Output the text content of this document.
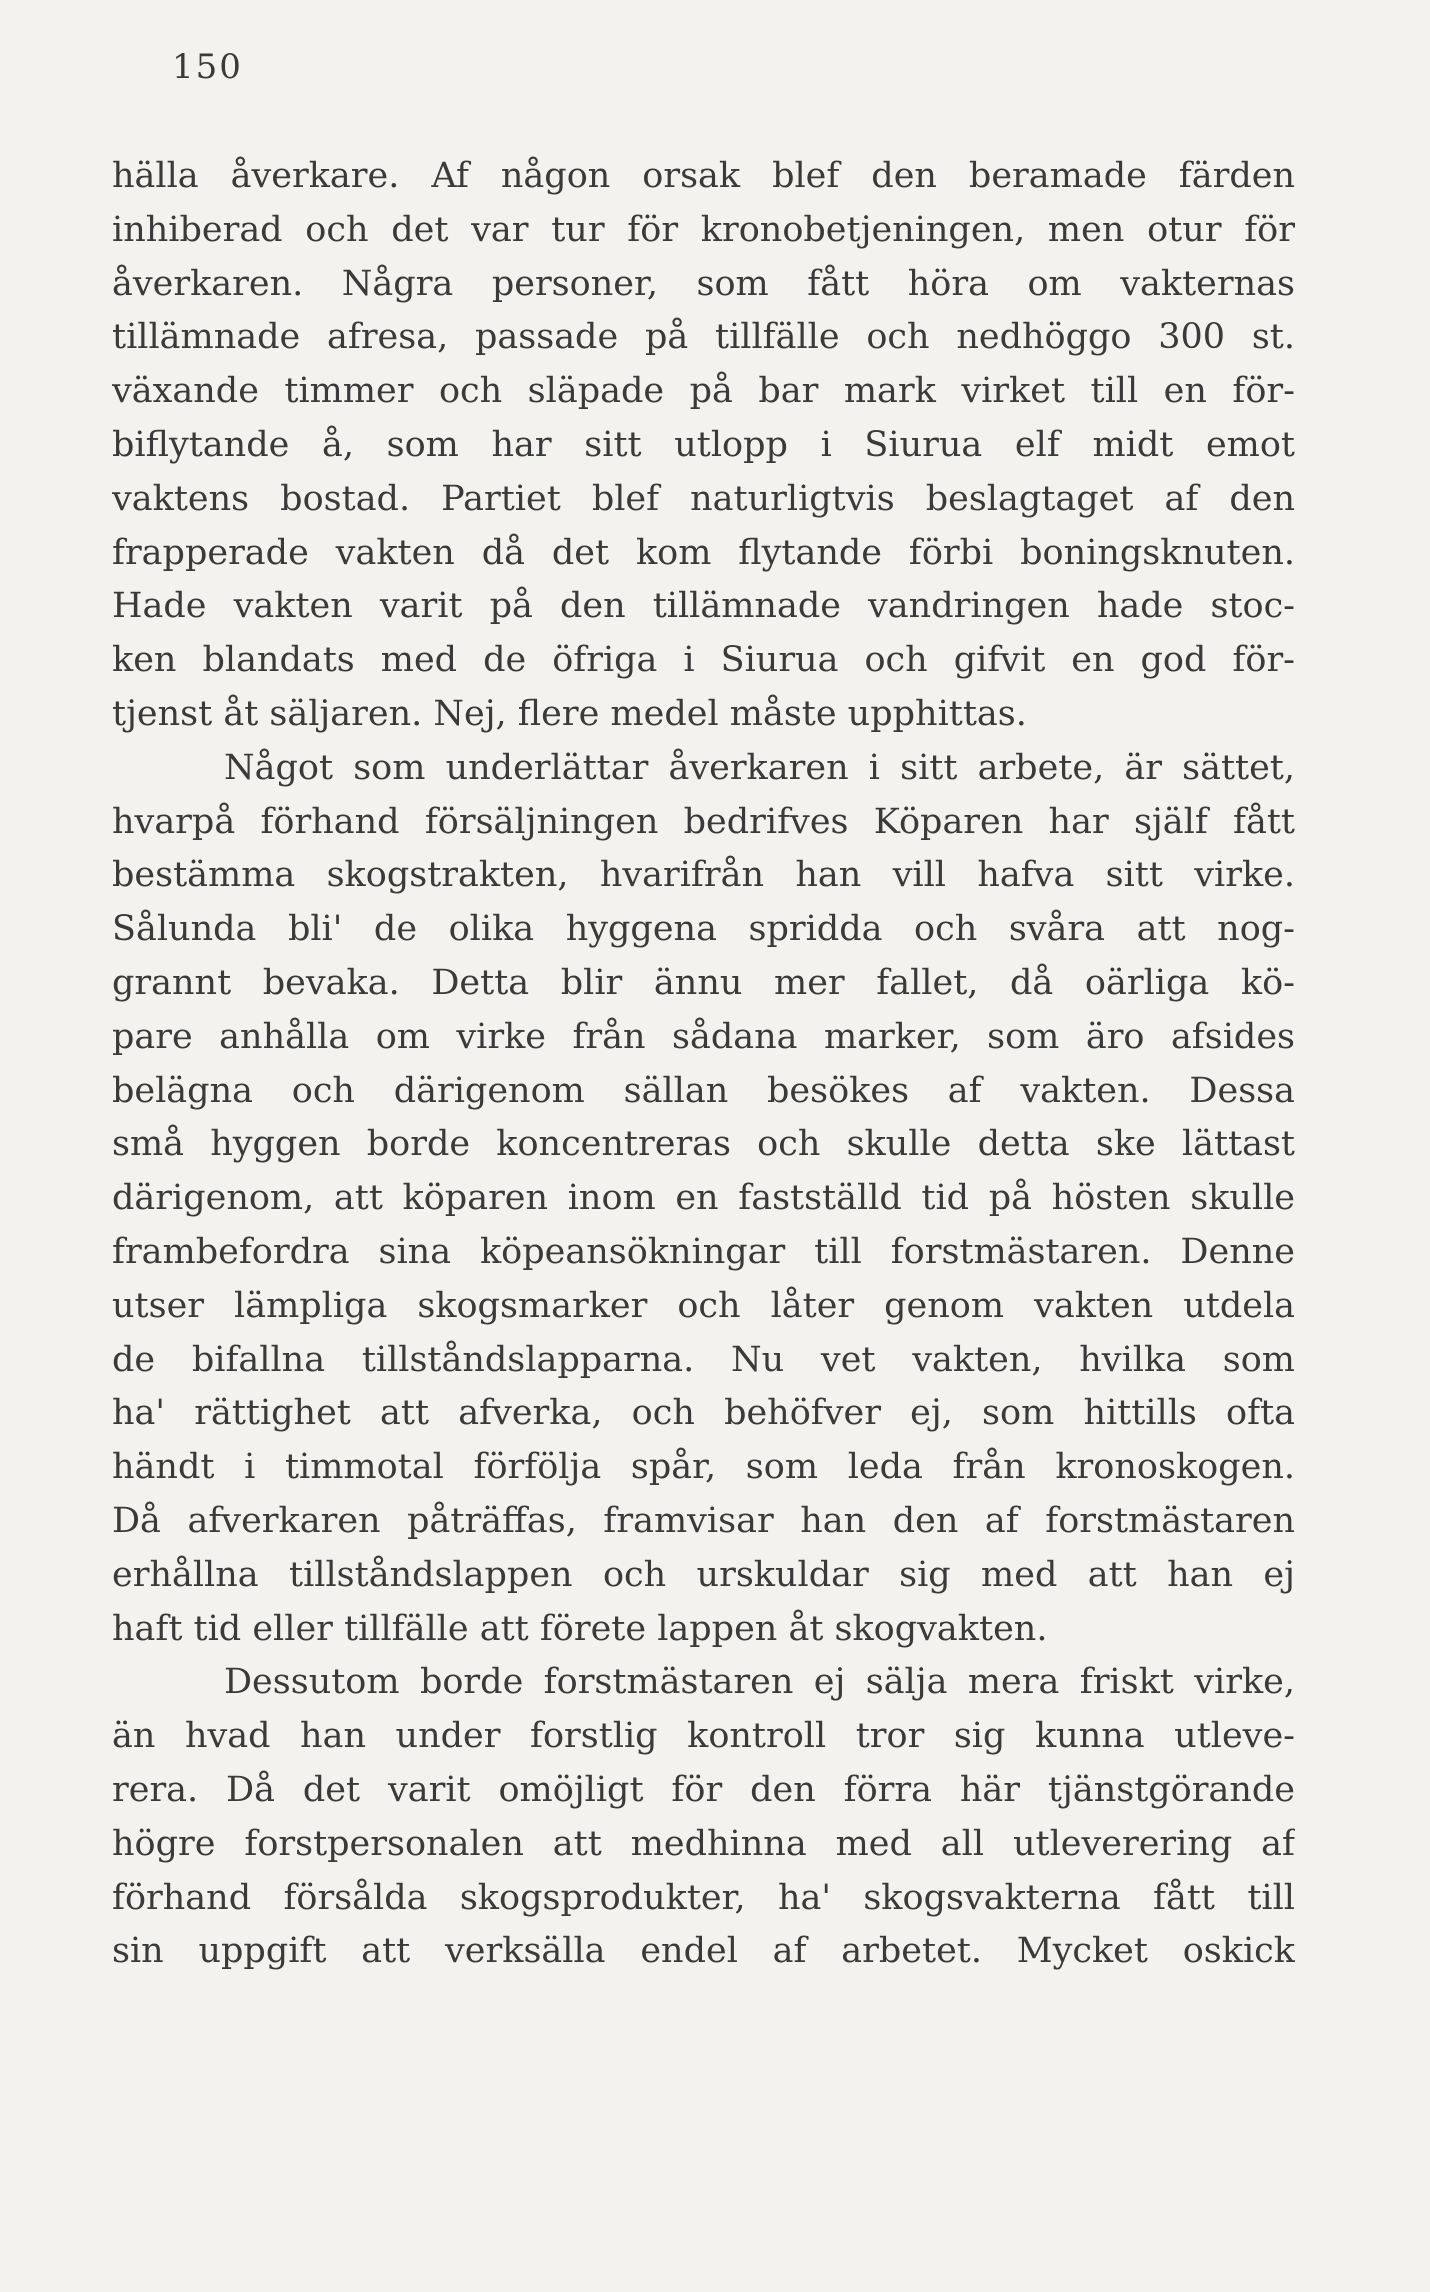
150
hälla åverkare. Af någon orsak blef den beramade färden
inhiberad och det var tur för kronobetjeningen, men otur för
åverkaren. Några personer, som fått höra om vakternas
tillämnade afresa, passade på tillfälle och nedhöggo 300 st.
växande timmer och släpade på bar mark virket till en för-
biflytande å, som har sitt utlopp i Siurua elf midt emot
vaktens bostad. Partiet blef naturligtvis beslagtaget af den
frapperade vakten då det kom flytande förbi boningsknuten.
Hade vakten varit på den tillämnade vandringen hade stoc-
ken blandats med de öfriga i Siurua och gifvit en god för-
tjenst åt säljaren. Nej, flere medel måste upphittas.
Något som underlättar åverkaren i sitt arbete, är sättet,
hvarpå förhand försäljningen bedrifves Köparen har själf fått
bestämma skogstrakten, hvarifrån han vill hafva sitt virke.
Sålunda bli' de olika hyggena spridda och svåra att nog-
grannt bevaka. Detta blir ännu mer fallet, då oärliga kö-
pare anhålla om virke från sådana marker, som äro afsides
belägna och därigenom sällan besökes af vakten. Dessa
små hyggen borde koncentreras och skulle detta ske lättast
därigenom, att köparen inom en fastställd tid på hösten skulle
frambefordra sina köpeansökningar till forstmästaren. Denne
utser lämpliga skogsmarker och låter genom vakten utdela
de bifallna tillståndslapparna. Nu vet vakten, hvilka som
ha' rättighet att afverka, och behöfver ej, som hittills ofta
händt i timmotal förfölja spår, som leda från kronoskogen.
Då afverkaren påträffas, framvisar han den af forstmästaren
erhållna tillståndslappen och urskuldar sig med att han ej
haft tid eller tillfälle att förete lappen åt skogvakten.
Dessutom borde forstmästaren ej sälja mera friskt virke,
än hvad han under forstlig kontroll tror sig kunna utleve-
rera. Då det varit omöjligt för den förra här tjänstgörande
högre forstpersonalen att medhinna med all utleverering af
förhand försålda skogsprodukter, ha' skogsvakterna fått till
sin uppgift att verksälla endel af arbetet. Mycket oskick
